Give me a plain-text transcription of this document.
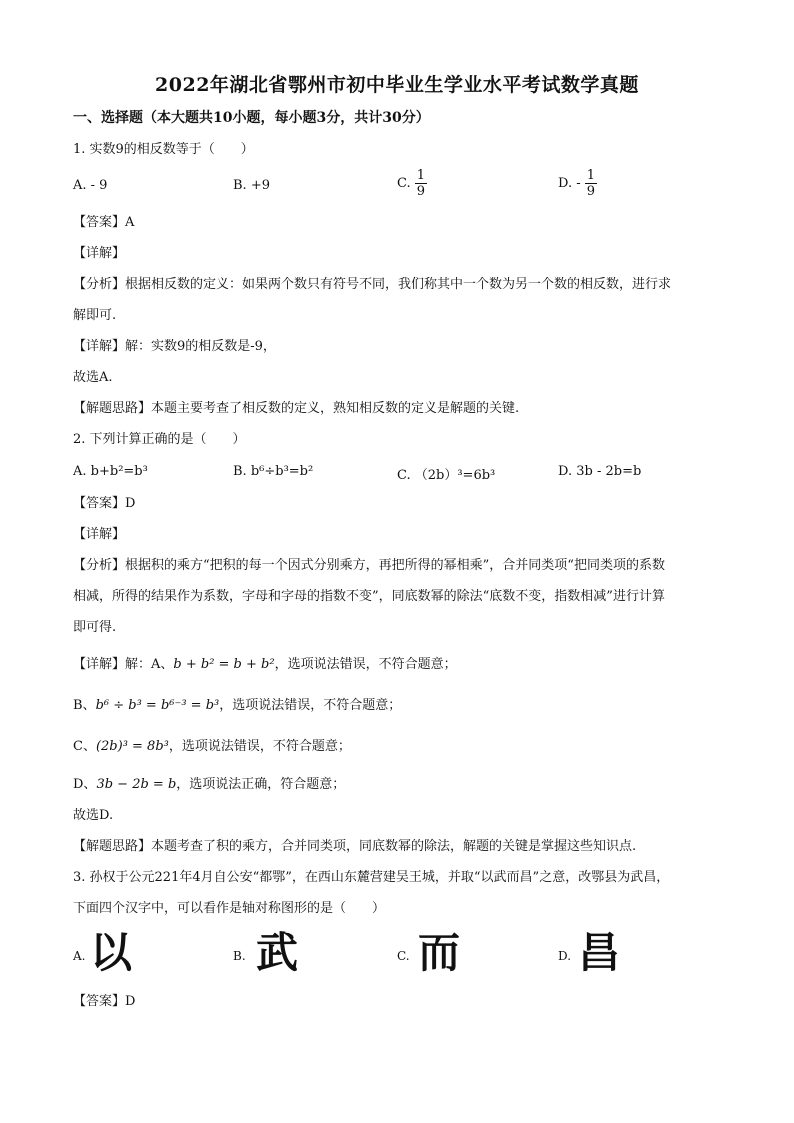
2022年湖北省鄂州市初中毕业生学业水平考试数学真题
一、选择题（本大题共10小题，每小题3分，共计30分）
1. 实数9的相反数等于（　　）
A. - 9	B. +9	C. $\frac{1}{9}$	D. - $\frac{1}{9}$
【答案】A
【详解】
【分析】根据相反数的定义：如果两个数只有符号不同，我们称其中一个数为另一个数的相反数，进行求
解即可.
【详解】解：实数9的相反数是-9，
故选A.
【解题思路】本题主要考查了相反数的定义，熟知相反数的定义是解题的关键.
2. 下列计算正确的是（　　）
A. b+b²=b³	B. b⁶÷b³=b²	C. （2b）³=6b³	D. 3b - 2b=b
【答案】D
【详解】
【分析】根据积的乘方“把积的每一个因式分别乘方，再把所得的幂相乘”，合并同类项“把同类项的系数
相减，所得的结果作为系数，字母和字母的指数不变”，同底数幂的除法“底数不变，指数相减”进行计算
即可得.
【详解】解：A、b + b² = b + b²，选项说法错误，不符合题意；
B、b⁶ ÷ b³ = b⁶⁻³ = b³，选项说法错误，不符合题意；
C、(2b)³ = 8b³，选项说法错误，不符合题意；
D、3b − 2b = b，选项说法正确，符合题意；
故选D.
【解题思路】本题考查了积的乘方，合并同类项，同底数幂的除法，解题的关键是掌握这些知识点.
3. 孙权于公元221年4月自公安“都鄂”，在西山东麓营建吴王城，并取“以武而昌”之意，改鄂县为武昌，
下面四个汉字中，可以看作是轴对称图形的是（　　）
A. 以	B. 武	C. 而	D. 昌
【答案】D
